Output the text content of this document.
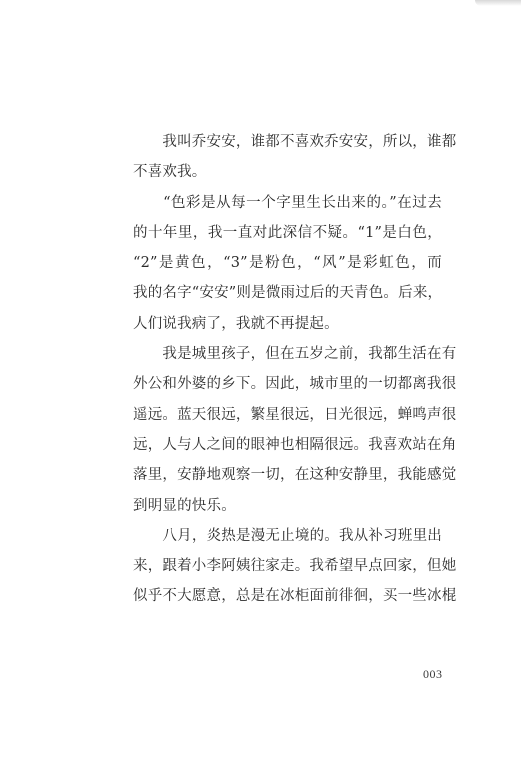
　　我叫乔安安，谁都不喜欢乔安安，所以，谁都
不喜欢我。
　　“色彩是从每一个字里生长出来的。”在过去
的十年里，我一直对此深信不疑。“1”是白色，
“2”是黄色，“3”是粉色，“风”是彩虹色，而
我的名字“安安”则是微雨过后的天青色。后来，
人们说我病了，我就不再提起。
　　我是城里孩子，但在五岁之前，我都生活在有
外公和外婆的乡下。因此，城市里的一切都离我很
遥远。蓝天很远，繁星很远，日光很远，蝉鸣声很
远，人与人之间的眼神也相隔很远。我喜欢站在角
落里，安静地观察一切，在这种安静里，我能感觉
到明显的快乐。
　　八月，炎热是漫无止境的。我从补习班里出
来，跟着小李阿姨往家走。我希望早点回家，但她
似乎不大愿意，总是在冰柜面前徘徊，买一些冰棍
003
